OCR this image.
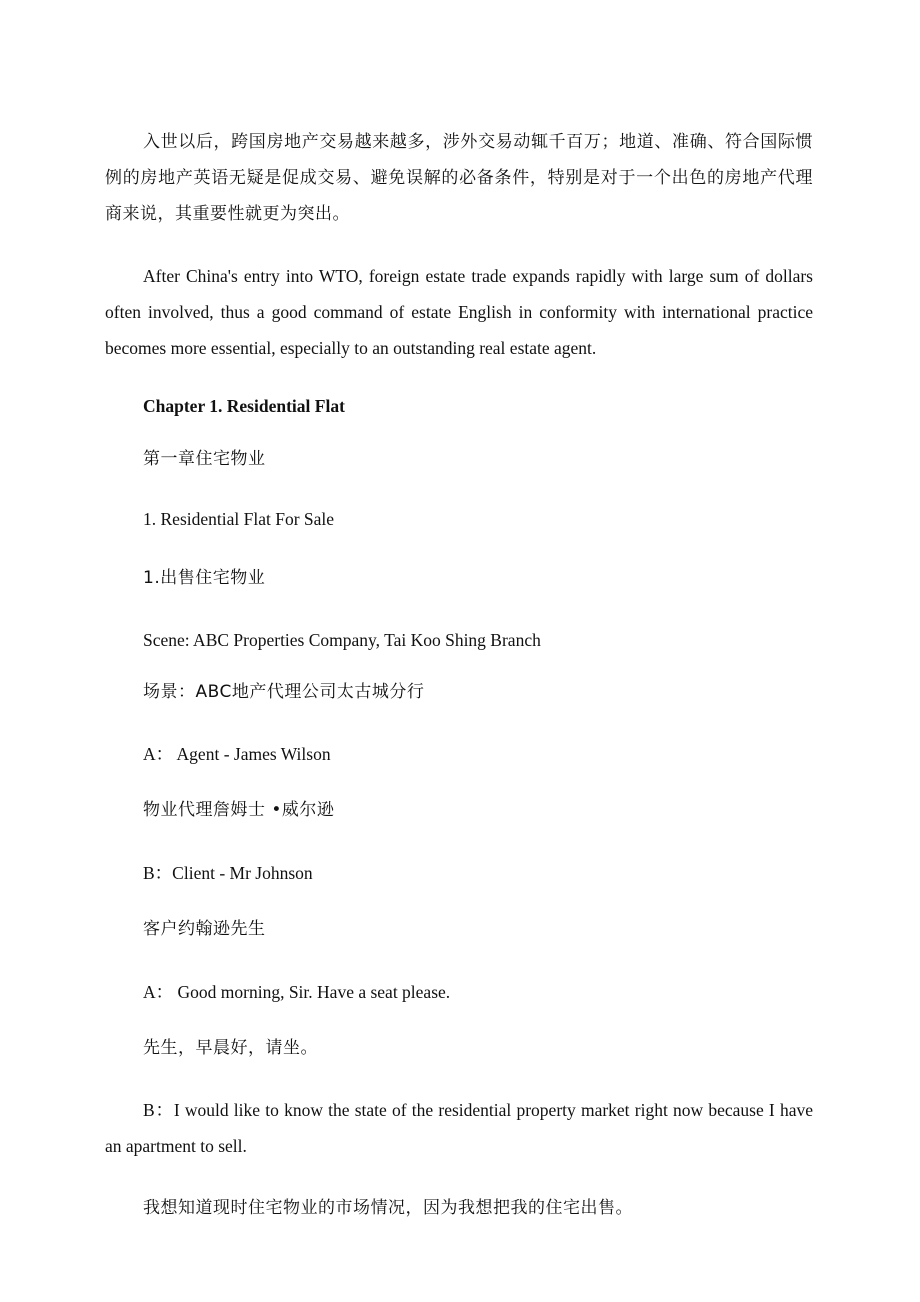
入世以后，跨国房地产交易越来越多，涉外交易动辄千百万；地道、准确、符合国际惯例的房地产英语无疑是促成交易、避免误解的必备条件，特别是对于一个出色的房地产代理商来说，其重要性就更为突出。

After China's entry into WTO, foreign estate trade expands rapidly with large sum of dollars often involved, thus a good command of estate English in conformity with international practice becomes more essential, especially to an outstanding real estate agent.

Chapter 1. Residential Flat

第一章住宅物业

1. Residential Flat For Sale

1.出售住宅物业

Scene: ABC Properties Company, Tai Koo Shing Branch

场景：ABC地产代理公司太古城分行

A： Agent - James Wilson

物业代理詹姆士 •威尔逊

B：Client - Mr Johnson

客户约翰逊先生

A： Good morning, Sir. Have a seat please.

先生，早晨好，请坐。

B：I would like to know the state of the residential property market right now because I have an apartment to sell.

我想知道现时住宅物业的市场情况，因为我想把我的住宅出售。
